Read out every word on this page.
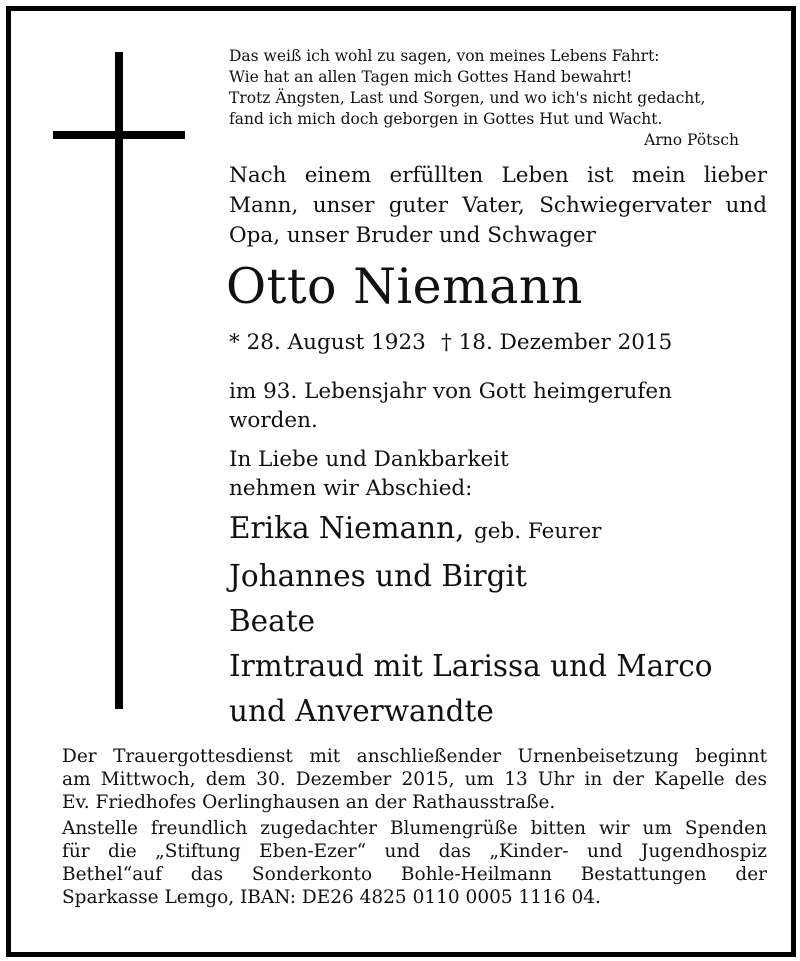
Das weiß ich wohl zu sagen, von meines Lebens Fahrt:
Wie hat an allen Tagen mich Gottes Hand bewahrt!
Trotz Ängsten, Last und Sorgen, und wo ich's nicht gedacht,
fand ich mich doch geborgen in Gottes Hut und Wacht.
Arno Pötsch
Nach einem erfüllten Leben ist mein lieber
Mann, unser guter Vater, Schwiegervater und
Opa, unser Bruder und Schwager
Otto Niemann
* 28. August 1923 † 18. Dezember 2015
im 93. Lebensjahr von Gott heimgerufen
worden.
In Liebe und Dankbarkeit
nehmen wir Abschied:
Erika Niemann, geb. Feurer
Johannes und Birgit
Beate
Irmtraud mit Larissa und Marco
und Anverwandte
Der Trauergottesdienst mit anschließender Urnenbeisetzung beginnt
am Mittwoch, dem 30. Dezember 2015, um 13 Uhr in der Kapelle des
Ev. Friedhofes Oerlinghausen an der Rathausstraße.
Anstelle freundlich zugedachter Blumengrüße bitten wir um Spenden
für die „Stiftung Eben-Ezer“ und das „Kinder- und Jugendhospiz
Bethel“auf das Sonderkonto Bohle-Heilmann Bestattungen der
Sparkasse Lemgo, IBAN: DE26 4825 0110 0005 1116 04.
